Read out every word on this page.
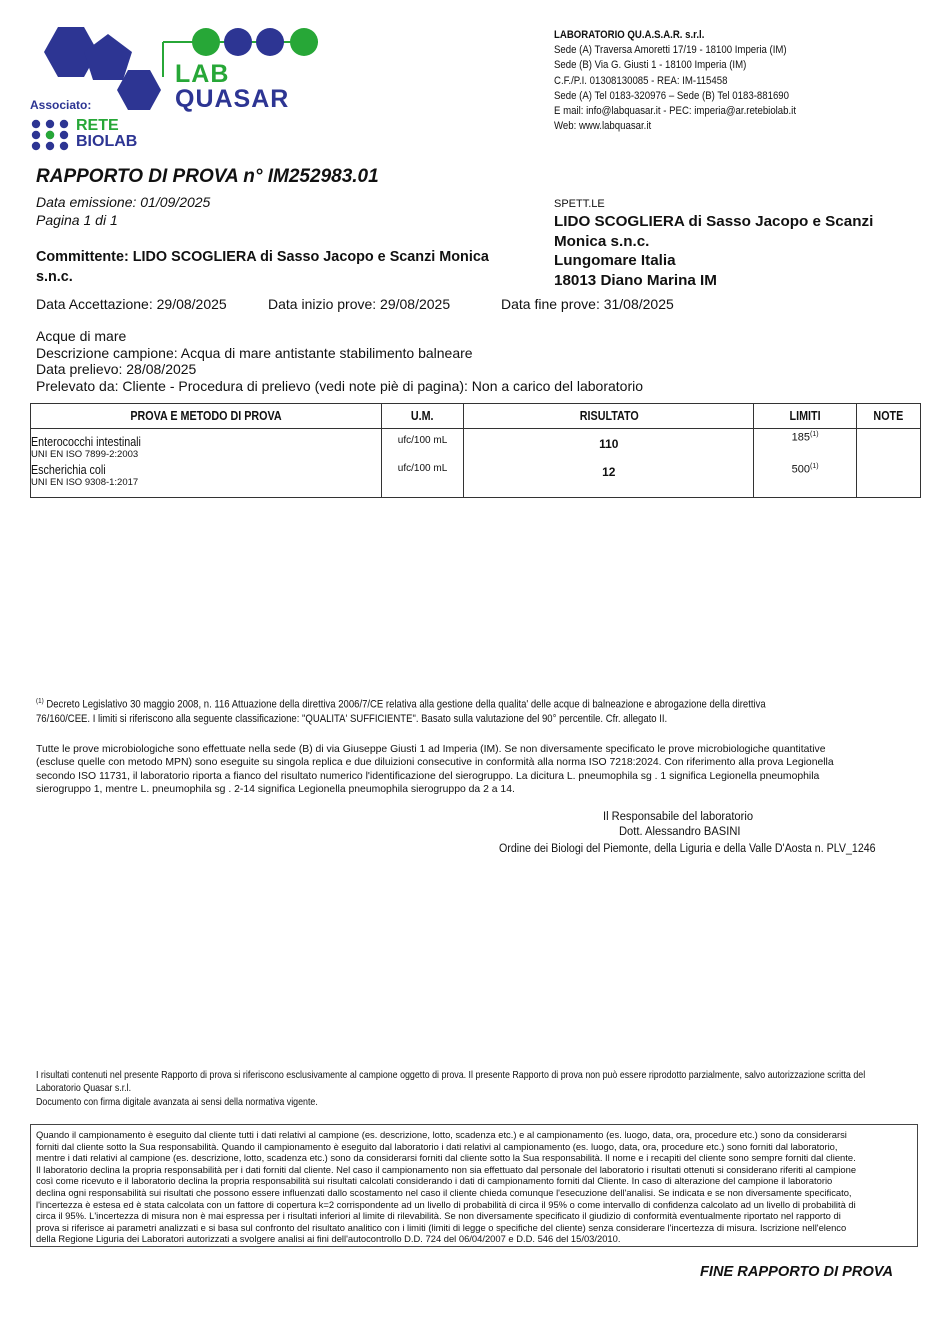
LAB
QUASAR
Associato:
RETE
BIOLAB
LABORATORIO QU.A.S.A.R. s.r.l.
Sede (A) Traversa Amoretti 17/19 - 18100 Imperia (IM)
Sede (B) Via G. Giusti 1 - 18100 Imperia (IM)
C.F./P.I. 01308130085 - REA: IM-115458
Sede (A) Tel 0183-320976 – Sede (B) Tel 0183-881690
E mail: info@labquasar.it - PEC: imperia@ar.retebiolab.it
Web: www.labquasar.it
RAPPORTO DI PROVA n° IM252983.01
Data emissione: 01/09/2025
Pagina 1 di 1
Committente: LIDO SCOGLIERA di Sasso Jacopo e Scanzi Monica
s.n.c.
SPETT.LE
LIDO SCOGLIERA di Sasso Jacopo e Scanzi
Monica s.n.c.
Lungomare Italia
18013 Diano Marina IM
Data Accettazione: 29/08/2025	Data inizio prove: 29/08/2025	Data fine prove: 31/08/2025
Acque di mare
Descrizione campione: Acqua di mare antistante stabilimento balneare
Data prelievo: 28/08/2025
Prelevato da: Cliente - Procedura di prelievo (vedi note piè di pagina): Non a carico del laboratorio
PROVA E METODO DI PROVA	U.M.	RISULTATO	LIMITI	NOTE
Enterococchi intestinali
UNI EN ISO 7899-2:2003	ufc/100 mL	110	185$^{(1)}$	
Escherichia coli
UNI EN ISO 9308-1:2017	ufc/100 mL	12	500$^{(1)}$	
$^{(1)}$ Decreto Legislativo 30 maggio 2008, n. 116 Attuazione della direttiva 2006/7/CE relativa alla gestione della qualita' delle acque di balneazione e abrogazione della direttiva
76/160/CEE. I limiti si riferiscono alla seguente classificazione: "QUALITA' SUFFICIENTE". Basato sulla valutazione del 90° percentile. Cfr. allegato II.
Tutte le prove microbiologiche sono effettuate nella sede (B) di via Giuseppe Giusti 1 ad Imperia (IM). Se non diversamente specificato le prove microbiologiche quantitative
(escluse quelle con metodo MPN) sono eseguite su singola replica e due diluizioni consecutive in conformità alla norma ISO 7218:2024. Con riferimento alla prova Legionella
secondo ISO 11731, il laboratorio riporta a fianco del risultato numerico l'identificazione del sierogruppo. La dicitura L. pneumophila sg . 1 significa Legionella pneumophila
sierogruppo 1, mentre L. pneumophila sg . 2-14 significa Legionella pneumophila sierogruppo da 2 a 14.
Il Responsabile del laboratorio
Dott. Alessandro BASINI
Ordine dei Biologi del Piemonte, della Liguria e della Valle D'Aosta n. PLV_1246
I risultati contenuti nel presente Rapporto di prova si riferiscono esclusivamente al campione oggetto di prova. Il presente Rapporto di prova non può essere riprodotto parzialmente, salvo autorizzazione scritta del
Laboratorio Quasar s.r.l.
Documento con firma digitale avanzata ai sensi della normativa vigente.
Quando il campionamento è eseguito dal cliente tutti i dati relativi al campione (es. descrizione, lotto, scadenza etc.) e al campionamento (es. luogo, data, ora, procedure etc.) sono da considerarsi
forniti dal cliente sotto la Sua responsabilità. Quando il campionamento è eseguito dal laboratorio i dati relativi al campionamento (es. luogo, data, ora, procedure etc.) sono forniti dal laboratorio,
mentre i dati relativi al campione (es. descrizione, lotto, scadenza etc.) sono da considerarsi forniti dal cliente sotto la Sua responsabilità. Il nome e i recapiti del cliente sono sempre forniti dal cliente.
Il laboratorio declina la propria responsabilità per i dati forniti dal cliente. Nel caso il campionamento non sia effettuato dal personale del laboratorio i risultati ottenuti si considerano riferiti al campione
così come ricevuto e il laboratorio declina la propria responsabilità sui risultati calcolati considerando i dati di campionamento forniti dal Cliente. In caso di alterazione del campione il laboratorio
declina ogni responsabilità sui risultati che possono essere influenzati dallo scostamento nel caso il cliente chieda comunque l'esecuzione dell'analisi. Se indicata e se non diversamente specificato,
l'incertezza è estesa ed è stata calcolata con un fattore di copertura k=2 corrispondente ad un livello di probabilità di circa il 95% o come intervallo di confidenza calcolato ad un livello di probabilità di
circa il 95%. L'incertezza di misura non è mai espressa per i risultati inferiori al limite di rilevabilità. Se non diversamente specificato il giudizio di conformità eventualmente riportato nel rapporto di
prova si riferisce ai parametri analizzati e si basa sul confronto del risultato analitico con i limiti (limiti di legge o specifiche del cliente) senza considerare l'incertezza di misura. Iscrizione nell'elenco
della Regione Liguria dei Laboratori autorizzati a svolgere analisi ai fini dell'autocontrollo D.D. 724 del 06/04/2007 e D.D. 546 del 15/03/2010.
FINE RAPPORTO DI PROVA
